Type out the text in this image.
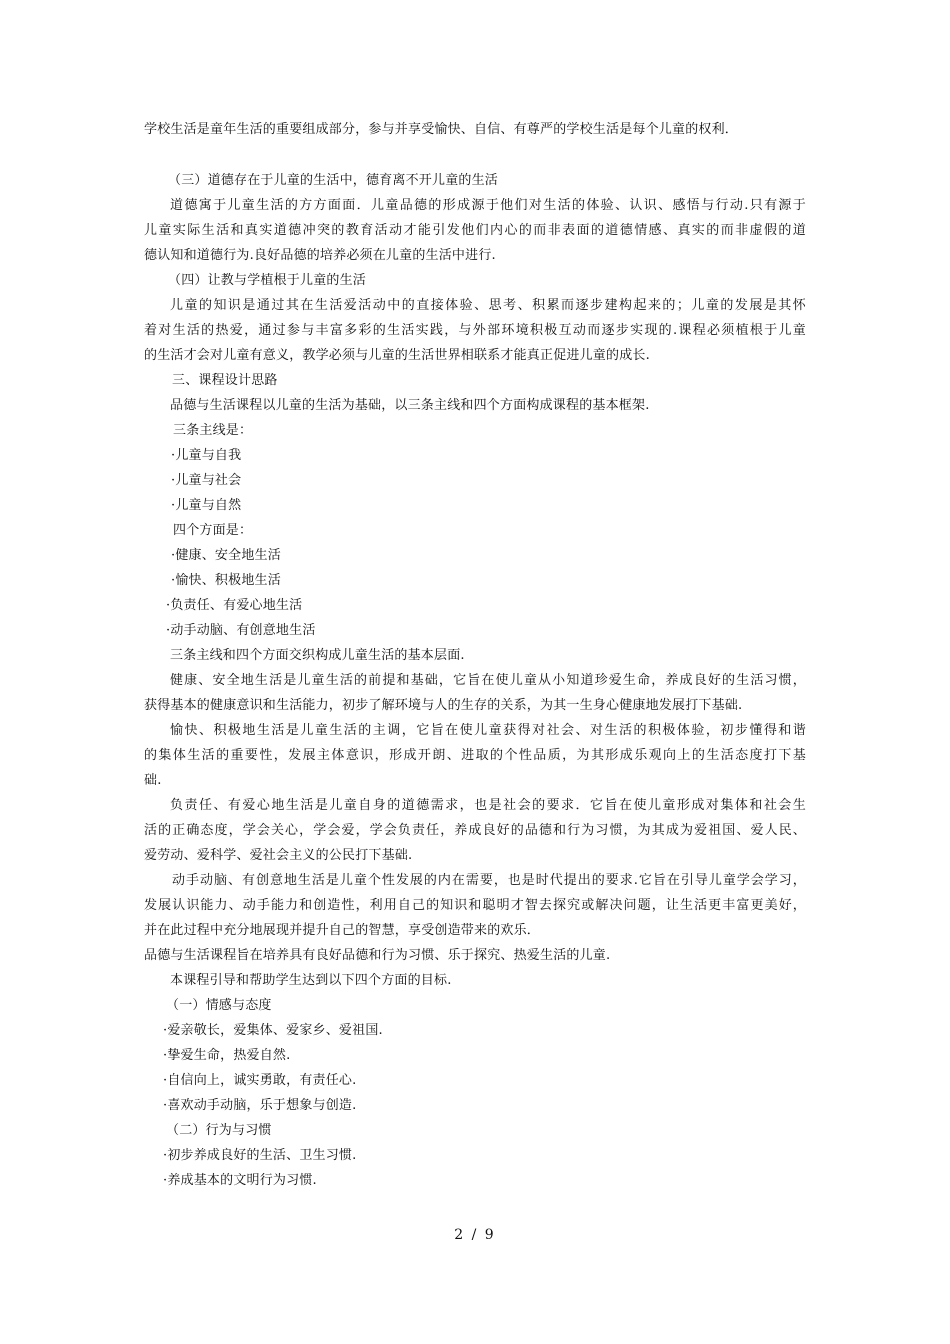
学校生活是童年生活的重要组成部分，参与并享受愉快、自信、有尊严的学校生活是每个儿童的权利．
（三）道德存在于儿童的生活中，德育离不开儿童的生活
道德寓于儿童生活的方方面面．儿童品德的形成源于他们对生活的体验、认识、感悟与行动.只有源于
儿童实际生活和真实道德冲突的教育活动才能引发他们内心的而非表面的道德情感、真实的而非虚假的道
德认知和道德行为.良好品德的培养必须在儿童的生活中进行.
（四）让教与学植根于儿童的生活
儿童的知识是通过其在生活爱活动中的直接体验、思考、积累而逐步建构起来的；儿童的发展是其怀
着对生活的热爱，通过参与丰富多彩的生活实践，与外部环境积极互动而逐步实现的.课程必须植根于儿童
的生活才会对儿童有意义，教学必须与儿童的生活世界相联系才能真正促进儿童的成长.
三、课程设计思路
品德与生活课程以儿童的生活为基础，以三条主线和四个方面构成课程的基本框架.
三条主线是：
·儿童与自我
·儿童与社会
·儿童与自然
四个方面是：
·健康、安全地生活
·愉快、积极地生活
·负责任、有爱心地生活
·动手动脑、有创意地生活
三条主线和四个方面交织构成儿童生活的基本层面.
健康、安全地生活是儿童生活的前提和基础，它旨在使儿童从小知道珍爱生命，养成良好的生活习惯，
获得基本的健康意识和生活能力，初步了解环境与人的生存的关系，为其一生身心健康地发展打下基础.
愉快、积极地生活是儿童生活的主调，它旨在使儿童获得对社会、对生活的积极体验，初步懂得和谐
的集体生活的重要性，发展主体意识，形成开朗、进取的个性品质，为其形成乐观向上的生活态度打下基
础.
负责任、有爱心地生活是儿童自身的道德需求，也是社会的要求．它旨在使儿童形成对集体和社会生
活的正确态度，学会关心，学会爱，学会负责任，养成良好的品德和行为习惯，为其成为爱祖国、爱人民、
爱劳动、爱科学、爱社会主义的公民打下基础.
动手动脑、有创意地生活是儿童个性发展的内在需要，也是时代提出的要求.它旨在引导儿童学会学习，
发展认识能力、动手能力和创造性，利用自己的知识和聪明才智去探究或解决问题，让生活更丰富更美好，
并在此过程中充分地展现并提升自己的智慧，享受创造带来的欢乐．
品德与生活课程旨在培养具有良好品德和行为习惯、乐于探究、热爱生活的儿童.
本课程引导和帮助学生达到以下四个方面的目标.
（一）情感与态度
·爱亲敬长，爱集体、爱家乡、爱祖国.
·挚爱生命，热爱自然.
·自信向上，诚实勇敢，有责任心.
·喜欢动手动脑，乐于想象与创造.
（二）行为与习惯
·初步养成良好的生活、卫生习惯.
·养成基本的文明行为习惯.
2 / 9
